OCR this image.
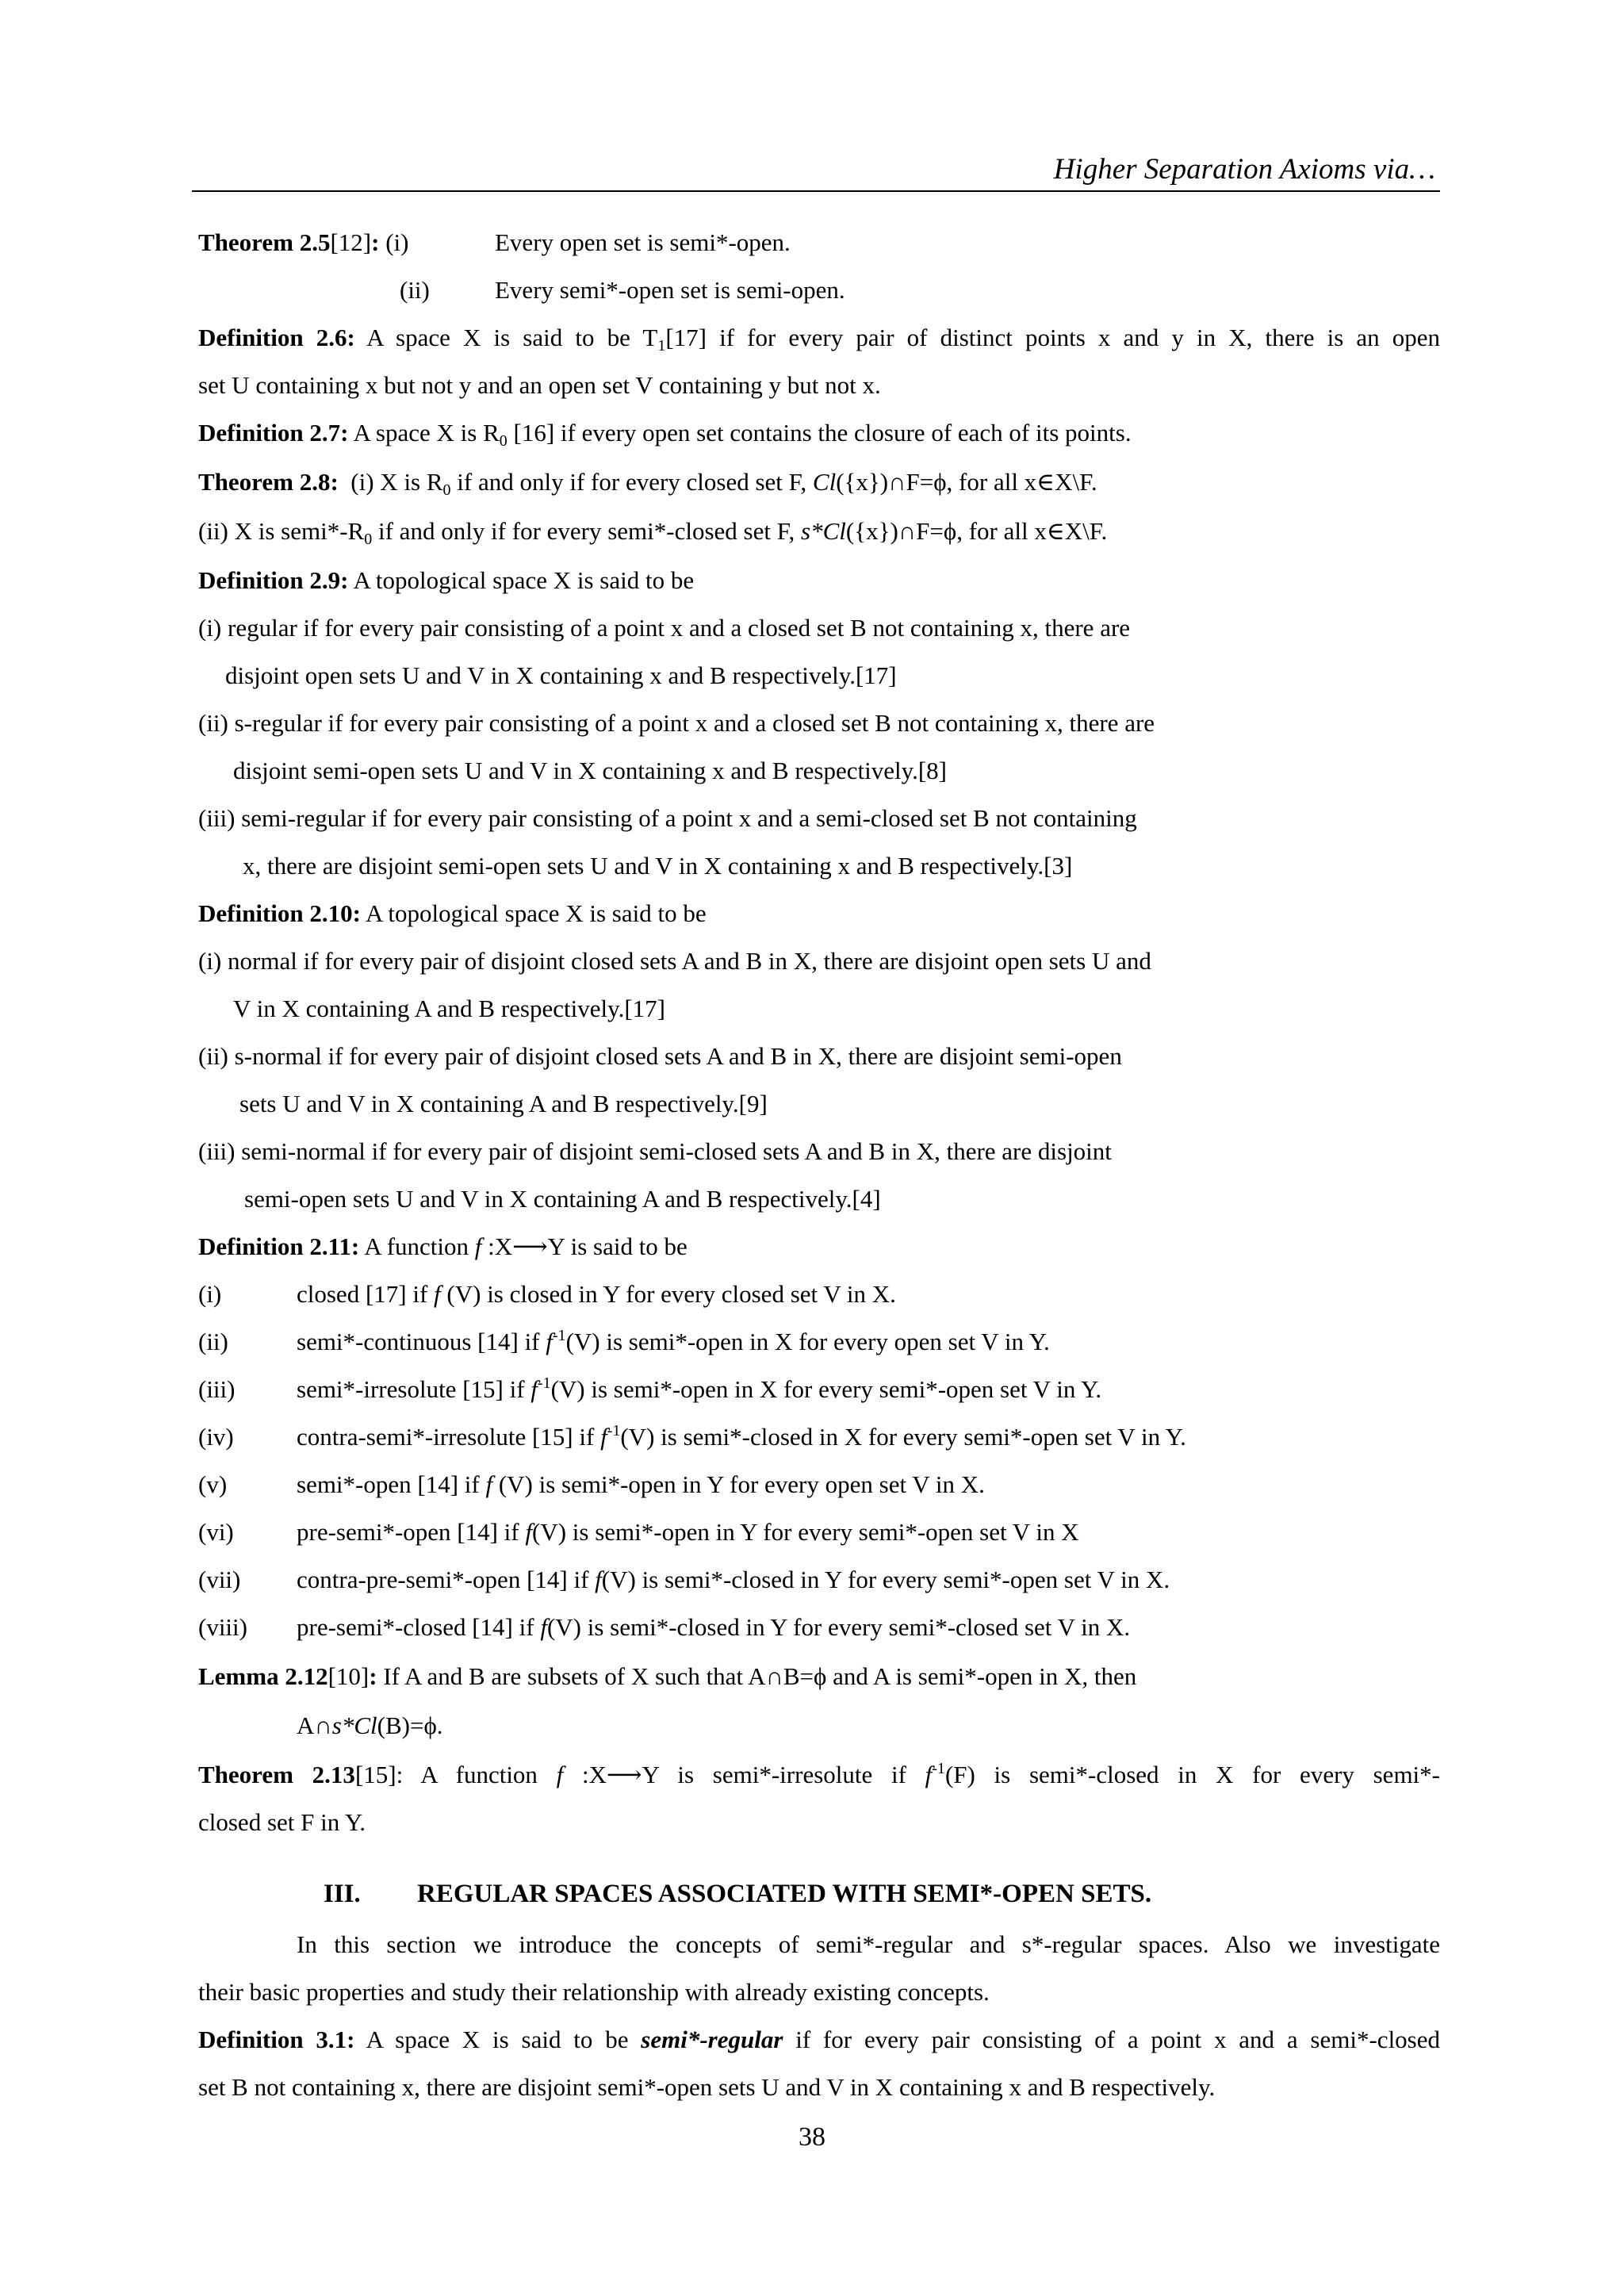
Higher Separation Axioms via…
Theorem 2.5[12]: (i)	Every open set is semi*-open.
(ii)	Every semi*-open set is semi-open.
Definition 2.6: A space X is said to be $T_1[17]$ if for every pair of distinct points x and y in X, there is an open
set U containing x but not y and an open set V containing y but not x.
Definition 2.7: A space X is $R_0$ [16] if every open set contains the closure of each of its points.
Theorem 2.8: (i) X is $R_0$ if and only if for every closed set F, Cl({x})∩F=ϕ, for all x∈X\F.
(ii) X is $semi*-R_0$ if and only if for every semi*-closed set F, s*Cl({x})∩F=ϕ, for all x∈X\F.
Definition 2.9: A topological space X is said to be
(i) regular if for every pair consisting of a point x and a closed set B not containing x, there are
disjoint open sets U and V in X containing x and B respectively.[17]
(ii) s-regular if for every pair consisting of a point x and a closed set B not containing x, there are
disjoint semi-open sets U and V in X containing x and B respectively.[8]
(iii) semi-regular if for every pair consisting of a point x and a semi-closed set B not containing
x, there are disjoint semi-open sets U and V in X containing x and B respectively.[3]
Definition 2.10: A topological space X is said to be
(i) normal if for every pair of disjoint closed sets A and B in X, there are disjoint open sets U and
V in X containing A and B respectively.[17]
(ii) s-normal if for every pair of disjoint closed sets A and B in X, there are disjoint semi-open
sets U and V in X containing A and B respectively.[9]
(iii) semi-normal if for every pair of disjoint semi-closed sets A and B in X, there are disjoint
semi-open sets U and V in X containing A and B respectively.[4]
Definition 2.11: A function f :X⟶Y is said to be
(i)	closed [17] if f (V) is closed in Y for every closed set V in X.
(ii)	semi*-continuous [14] if $f^{-1}(V)$ is semi*-open in X for every open set V in Y.
(iii)	semi*-irresolute [15] if $f^{-1}(V)$ is semi*-open in X for every semi*-open set V in Y.
(iv)	contra-semi*-irresolute [15] if $f^{-1}(V)$ is semi*-closed in X for every semi*-open set V in Y.
(v)	semi*-open [14] if f (V) is semi*-open in Y for every open set V in X.
(vi)	pre-semi*-open [14] if f(V) is semi*-open in Y for every semi*-open set V in X
(vii) contra-pre-semi*-open [14] if f(V) is semi*-closed in Y for every semi*-open set V in X.
(viii) pre-semi*-closed [14] if f(V) is semi*-closed in Y for every semi*-closed set V in X.
Lemma 2.12[10]: If A and B are subsets of X such that A∩B=ϕ and A is semi*-open in X, then
A∩s*Cl(B)=ϕ.
Theorem 2.13[15]: A function f :X⟶Y is semi*-irresolute if $f^{-1}(F)$ is semi*-closed in X for every semi*-
closed set F in Y.
III. REGULAR SPACES ASSOCIATED WITH SEMI*-OPEN SETS.
In this section we introduce the concepts of semi*-regular and s*-regular spaces. Also we investigate
their basic properties and study their relationship with already existing concepts.
Definition 3.1: A space X is said to be semi*-regular if for every pair consisting of a point x and a semi*-closed
set B not containing x, there are disjoint semi*-open sets U and V in X containing x and B respectively.
38
